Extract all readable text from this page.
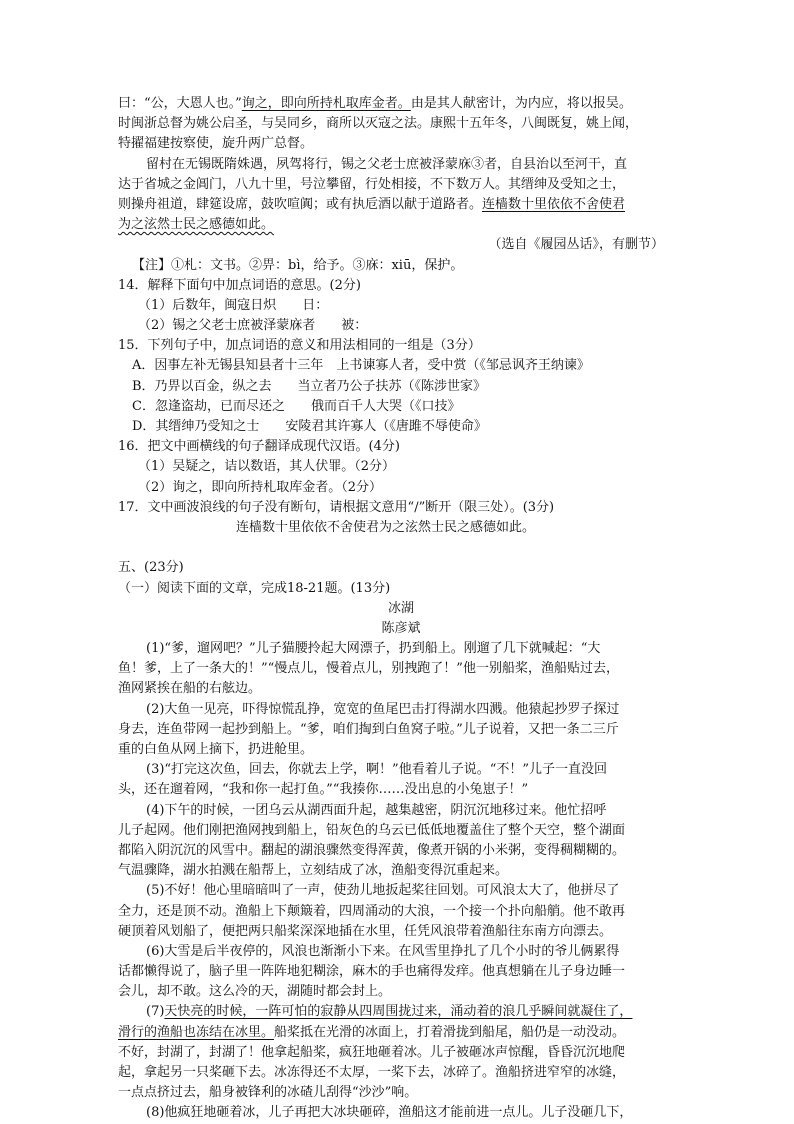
曰：“公，大恩人也。”询之，即向所持札取库金者。由是其人献密计，为内应，将以报吴。
时闽浙总督为姚公启圣，与吴同乡，商所以灭寇之法。康熙十五年冬，八闽既复，姚上闻，
特擢福建按察使，旋升两广总督。
留村在无锡既隋姝遇，夙驾将行，锡之父老士庶被泽蒙庥③者，自县治以至河干，直
达于省城之金阊门，八九十里，号泣攀留，行处相接，不下数万人。其缙绅及受知之士，
则操舟祖道，肆筵设席，鼓吹喧阗；或有执卮酒以献于道路者。连樯数十里依依不舍使君
为之泫然士民之感德如此。
（选自《履园丛话》，有删节）
【注】①札：文书。②畀：bì，给予。③庥：xiū，保护。
14．解释下面句中加点词语的意思。(2分)
（1）后数年，闽寇日炽　　日：
（2）锡之父老士庶被泽蒙庥者　　被：
15．下列句子中，加点词语的意义和用法相同的一组是（3分）
A．因事左补无锡县知县者十三年　上书谏寡人者，受中赏（《邹忌讽齐王纳谏》
B．乃畀以百金，纵之去　　当立者乃公子扶苏（《陈涉世家》
C．忽逢盗劫，已而尽还之　　俄而百千人大哭（《口技》
D．其缙绅乃受知之士　　安陵君其许寡人（《唐雎不辱使命》
16．把文中画横线的句子翻译成现代汉语。(4分)
（1）吴疑之，诘以数语，其人伏罪。（2分）
（2）询之，即向所持札取库金者。（2分）
17．文中画波浪线的句子没有断句，请根据文意用“/”断开（限三处）。(3分)
连樯数十里依依不舍使君为之泫然士民之感德如此。
五、(23分)
（一）阅读下面的文章，完成18-21题。(13分)
冰湖
陈彦斌
(1)“爹，遛网吧？”儿子猫腰拎起大网漂子，扔到船上。刚遛了几下就喊起：“大
鱼！爹，上了一条大的！”“慢点儿，慢着点儿，别拽跑了！”他一别船桨，渔船贴过去，
渔网紧挨在船的右舷边。
(2)大鱼一见亮，吓得惊慌乱挣，宽宽的鱼尾巴击打得湖水四溅。他猿起抄罗子探过
身去，连鱼带网一起抄到船上。“爹，咱们掏到白鱼窝子啦。”儿子说着，又把一条二三斤
重的白鱼从网上摘下，扔进舱里。
(3)“打完这次鱼，回去，你就去上学，啊！”他看着儿子说。“不！”儿子一直没回
头，还在遛着网，“我和你一起打鱼。”“我揍你……没出息的小兔崽子！”
(4)下午的时候，一团乌云从湖西面升起，越集越密，阴沉沉地移过来。他忙招呼
儿子起网。他们刚把渔网拽到船上，铅灰色的乌云已低低地覆盖住了整个天空，整个湖面
都陷入阴沉沉的风雪中。翻起的湖浪骤然变得浑黄，像煮开锅的小米粥，变得稠糊糊的。
气温骤降，湖水拍溅在船帮上，立刻结成了冰，渔船变得沉重起来。
(5)不好！他心里暗暗叫了一声，使劲儿地扳起桨往回划。可风浪太大了，他拼尽了
全力，还是顶不动。渔船上下颠簸着，四周涌动的大浪，一个接一个扑向船艄。他不敢再
硬顶着风划船了，便把两只船桨深深地插在水里，任凭风浪带着渔船往东南方向漂去。
(6)大雪是后半夜停的，风浪也渐渐小下来。在风雪里挣扎了几个小时的爷儿俩累得
话都懒得说了，脑子里一阵阵地犯糊涂，麻木的手也痛得发痒。他真想躺在儿子身边睡一
会儿，却不敢。这么冷的天，湖随时都会封上。
(7)天快亮的时候，一阵可怕的寂静从四周围拢过来，涌动着的浪几乎瞬间就凝住了，
滑行的渔船也冻结在冰里。船桨抵在光滑的冰面上，打着滑拢到船尾，船仍是一动没动。
不好，封湖了，封湖了！他拿起船桨，疯狂地砸着冰。儿子被砸冰声惊醒，昏昏沉沉地爬
起，拿起另一只桨砸下去。冰冻得还不太厚，一桨下去，冰碎了。渔船挤进窄窄的冰缝，
一点点挤过去，船身被锋利的冰碴儿刮得“沙沙”响。
(8)他疯狂地砸着冰，儿子再把大冰块砸碎，渔船这才能前进一点儿。儿子没砸几下，
